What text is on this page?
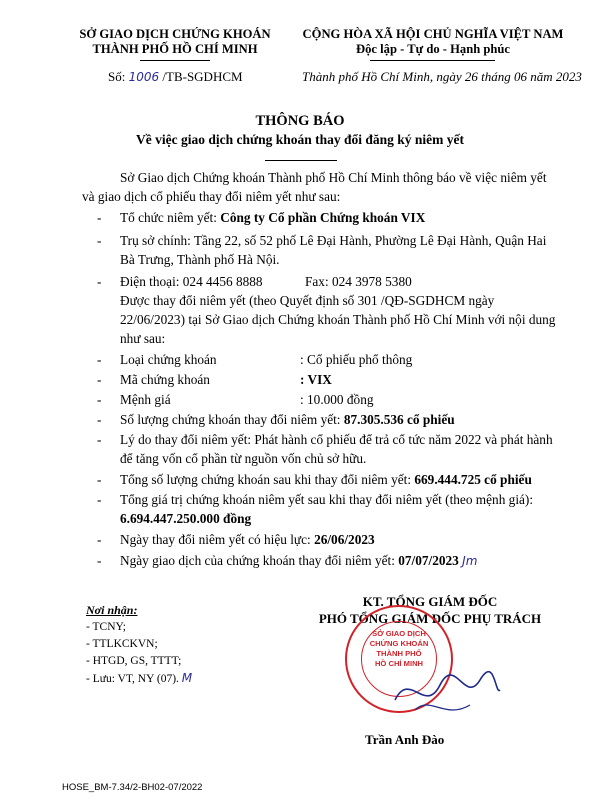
SỞ GIAO DỊCH CHỨNG KHOÁN
THÀNH PHỐ HỒ CHÍ MINH
CỘNG HÒA XÃ HỘI CHỦ NGHĨA VIỆT NAM
Độc lập - Tự do - Hạnh phúc
Số: 1006 /TB-SGDHCM	Thành phố Hồ Chí Minh, ngày 26 tháng 06 năm 2023
THÔNG BÁO
Về việc giao dịch chứng khoán thay đổi đăng ký niêm yết
Sở Giao dịch Chứng khoán Thành phố Hồ Chí Minh thông báo về việc niêm yết
và giao dịch cổ phiếu thay đổi niêm yết như sau:
- Tổ chức niêm yết: Công ty Cổ phần Chứng khoán VIX
- Trụ sở chính: Tầng 22, số 52 phố Lê Đại Hành, Phường Lê Đại Hành, Quận Hai
Bà Trưng, Thành phố Hà Nội.
- Điện thoại: 024 4456 8888	Fax: 024 3978 5380
Được thay đổi niêm yết (theo Quyết định số 301 /QĐ-SGDHCM ngày
22/06/2023) tại Sở Giao dịch Chứng khoán Thành phố Hồ Chí Minh với nội dung
như sau:
- Loại chứng khoán	: Cổ phiếu phổ thông
- Mã chứng khoán	: VIX
- Mệnh giá	: 10.000 đồng
- Số lượng chứng khoán thay đổi niêm yết: 87.305.536 cổ phiếu
- Lý do thay đổi niêm yết: Phát hành cổ phiếu để trả cổ tức năm 2022 và phát hành
để tăng vốn cổ phần từ nguồn vốn chủ sở hữu.
- Tổng số lượng chứng khoán sau khi thay đổi niêm yết: 669.444.725 cổ phiếu
- Tổng giá trị chứng khoán niêm yết sau khi thay đổi niêm yết (theo mệnh giá):
6.694.447.250.000 đồng
- Ngày thay đổi niêm yết có hiệu lực: 26/06/2023
- Ngày giao dịch của chứng khoán thay đổi niêm yết: 07/07/2023 Jm
Nơi nhận:
- TCNY;
- TTLKCKVN;
- HTGD, GS, TTTT;
- Lưu: VT, NY (07). M
KT. TỔNG GIÁM ĐỐC
PHÓ TỔNG GIÁM ĐỐC PHỤ TRÁCH
SỞ GIAO DỊCH
CHỨNG KHOÁN
THÀNH PHỐ
HỒ CHÍ MINH
Trần Anh Đào
HOSE_BM-7.34/2-BH02-07/2022
